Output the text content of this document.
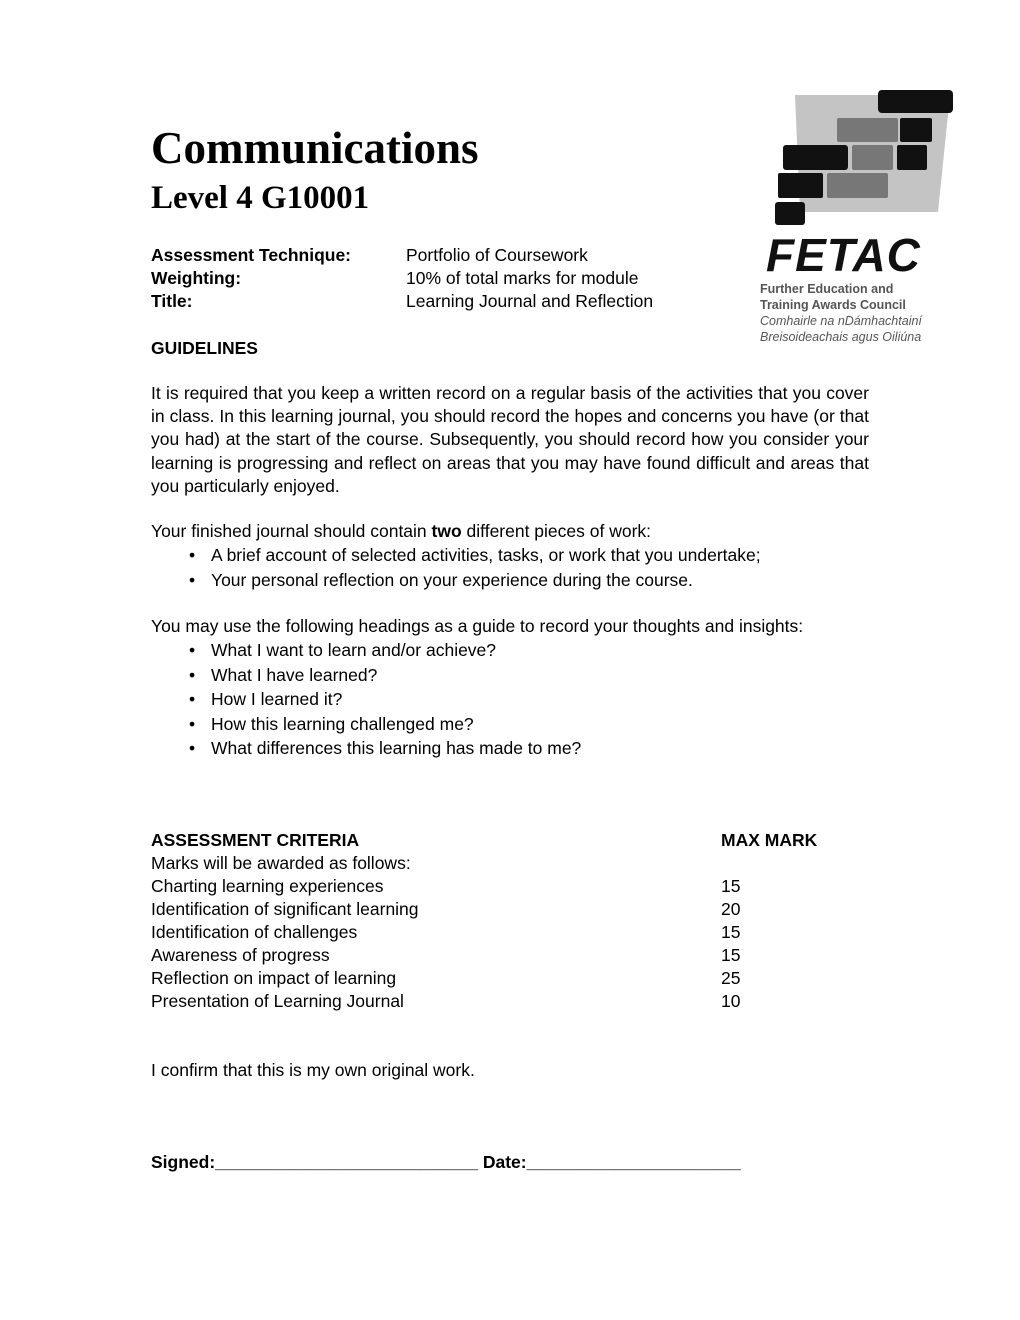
FETAC
Further Education and
Training Awards Council
Comhairle na nDámhachtainí
Breisoideachais agus Oiliúna
Communications
Level 4 G10001
Assessment Technique:	Portfolio of Coursework
Weighting:	10% of total marks for module
Title:	Learning Journal and Reflection
GUIDELINES
It is required that you keep a written record on a regular basis of the activities that you cover in class. In this learning journal, you should record the hopes and concerns you have (or that you had) at the start of the course. Subsequently, you should record how you consider your learning is progressing and reflect on areas that you may have found difficult and areas that you particularly enjoyed.
Your finished journal should contain two different pieces of work:
• A brief account of selected activities, tasks, or work that you undertake;
• Your personal reflection on your experience during the course.
You may use the following headings as a guide to record your thoughts and insights:
• What I want to learn and/or achieve?
• What I have learned?
• How I learned it?
• How this learning challenged me?
• What differences this learning has made to me?
ASSESSMENT CRITERIA	MAX MARK
Marks will be awarded as follows:
Charting learning experiences	15
Identification of significant learning	20
Identification of challenges	15
Awareness of progress	15
Reflection on impact of learning	25
Presentation of Learning Journal	10
I confirm that this is my own original work.
Signed:___________________________ Date:______________________
